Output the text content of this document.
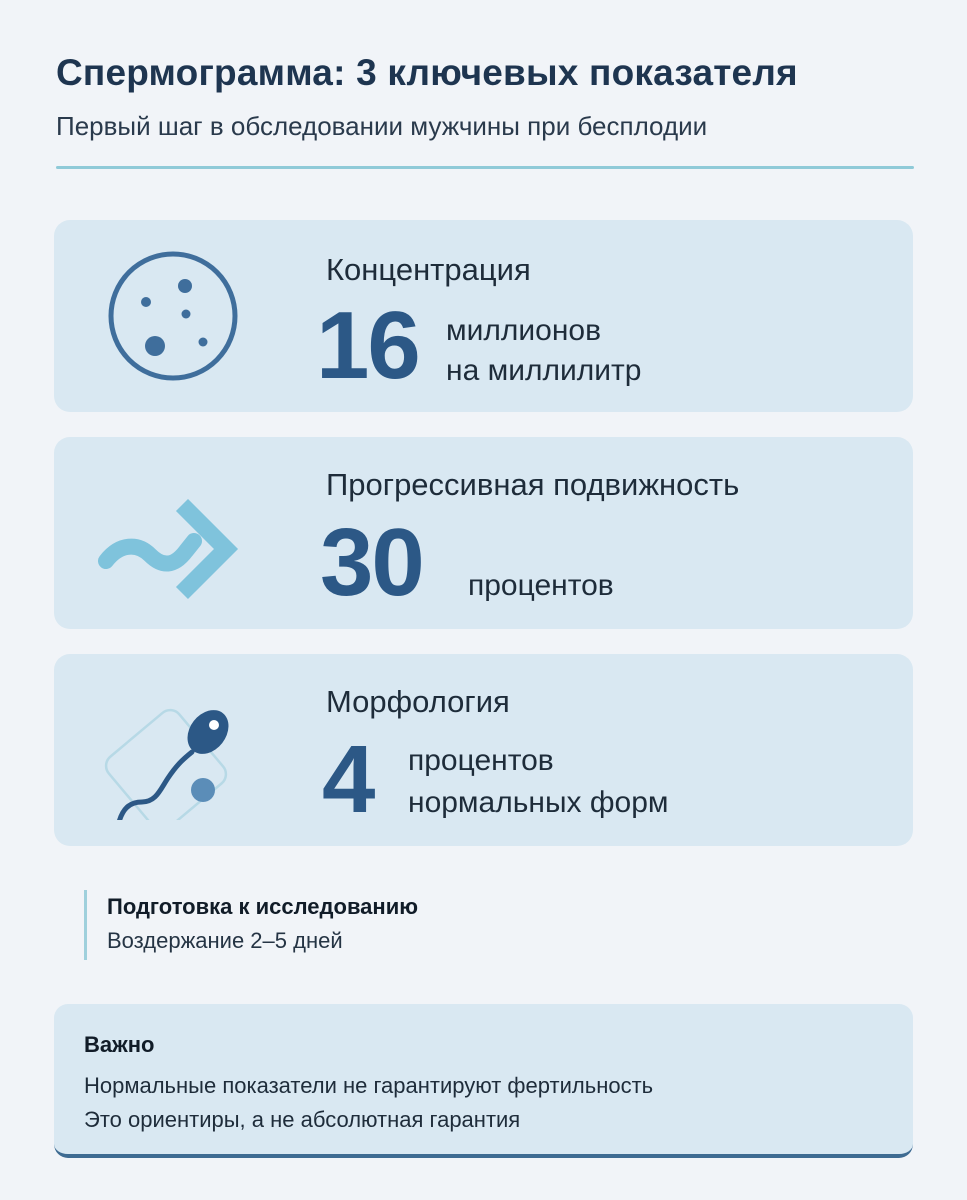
Спермограмма: 3 ключевых показателя
Первый шаг в обследовании мужчины при бесплодии
Концентрация
16 миллионов
на миллилитр
Прогрессивная подвижность
30 процентов
Морфология
4 процентов
нормальных форм
Подготовка к исследованию
Воздержание 2–5 дней
Важно
Нормальные показатели не гарантируют фертильность
Это ориентиры, а не абсолютная гарантия
